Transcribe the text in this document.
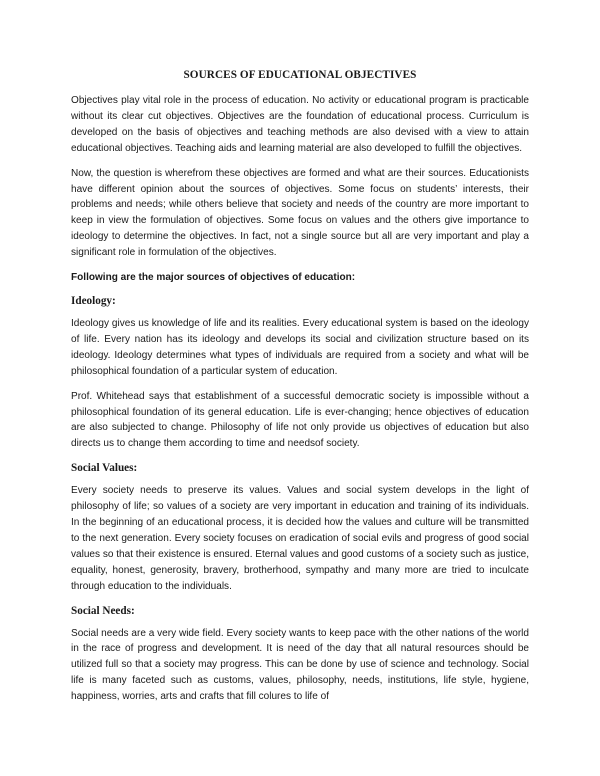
SOURCES OF EDUCATIONAL OBJECTIVES

Objectives play vital role in the process of education. No activity or educational program is practicable without its clear cut objectives. Objectives are the foundation of educational process. Curriculum is developed on the basis of objectives and teaching methods are also devised with a view to attain educational objectives. Teaching aids and learning material are also developed to fulfill the objectives.

Now, the question is wherefrom these objectives are formed and what are their sources. Educationists have different opinion about the sources of objectives. Some focus on students’ interests, their problems and needs; while others believe that society and needs of the country are more important to keep in view the formulation of objectives. Some focus on values and the others give importance to ideology to determine the objectives. In fact, not a single source but all are very important and play a significant role in formulation of the objectives.

Following are the major sources of objectives of education:

Ideology:

Ideology gives us knowledge of life and its realities. Every educational system is based on the ideology of life. Every nation has its ideology and develops its social and civilization structure based on its ideology. Ideology determines what types of individuals are required from a society and what will be philosophical foundation of a particular system of education.

Prof. Whitehead says that establishment of a successful democratic society is impossible without a philosophical foundation of its general education. Life is ever-changing; hence objectives of education are also subjected to change. Philosophy of life not only provide us objectives of education but also directs us to change them according to time and needsof society.

Social Values:

Every society needs to preserve its values. Values and social system develops in the light of philosophy of life; so values of a society are very important in education and training of its individuals. In the beginning of an educational process, it is decided how the values and culture will be transmitted to the next generation. Every society focuses on eradication of social evils and progress of good social values so that their existence is ensured. Eternal values and good customs of a society such as justice, equality, honest, generosity, bravery, brotherhood, sympathy and many more are tried to inculcate through education to the individuals.

Social Needs:

Social needs are a very wide field. Every society wants to keep pace with the other nations of the world in the race of progress and development. It is need of the day that all natural resources should be utilized full so that a society may progress. This can be done by use of science and technology. Social life is many faceted such as customs, values, philosophy, needs, institutions, life style, hygiene, happiness, worries, arts and crafts that fill colures to life of
